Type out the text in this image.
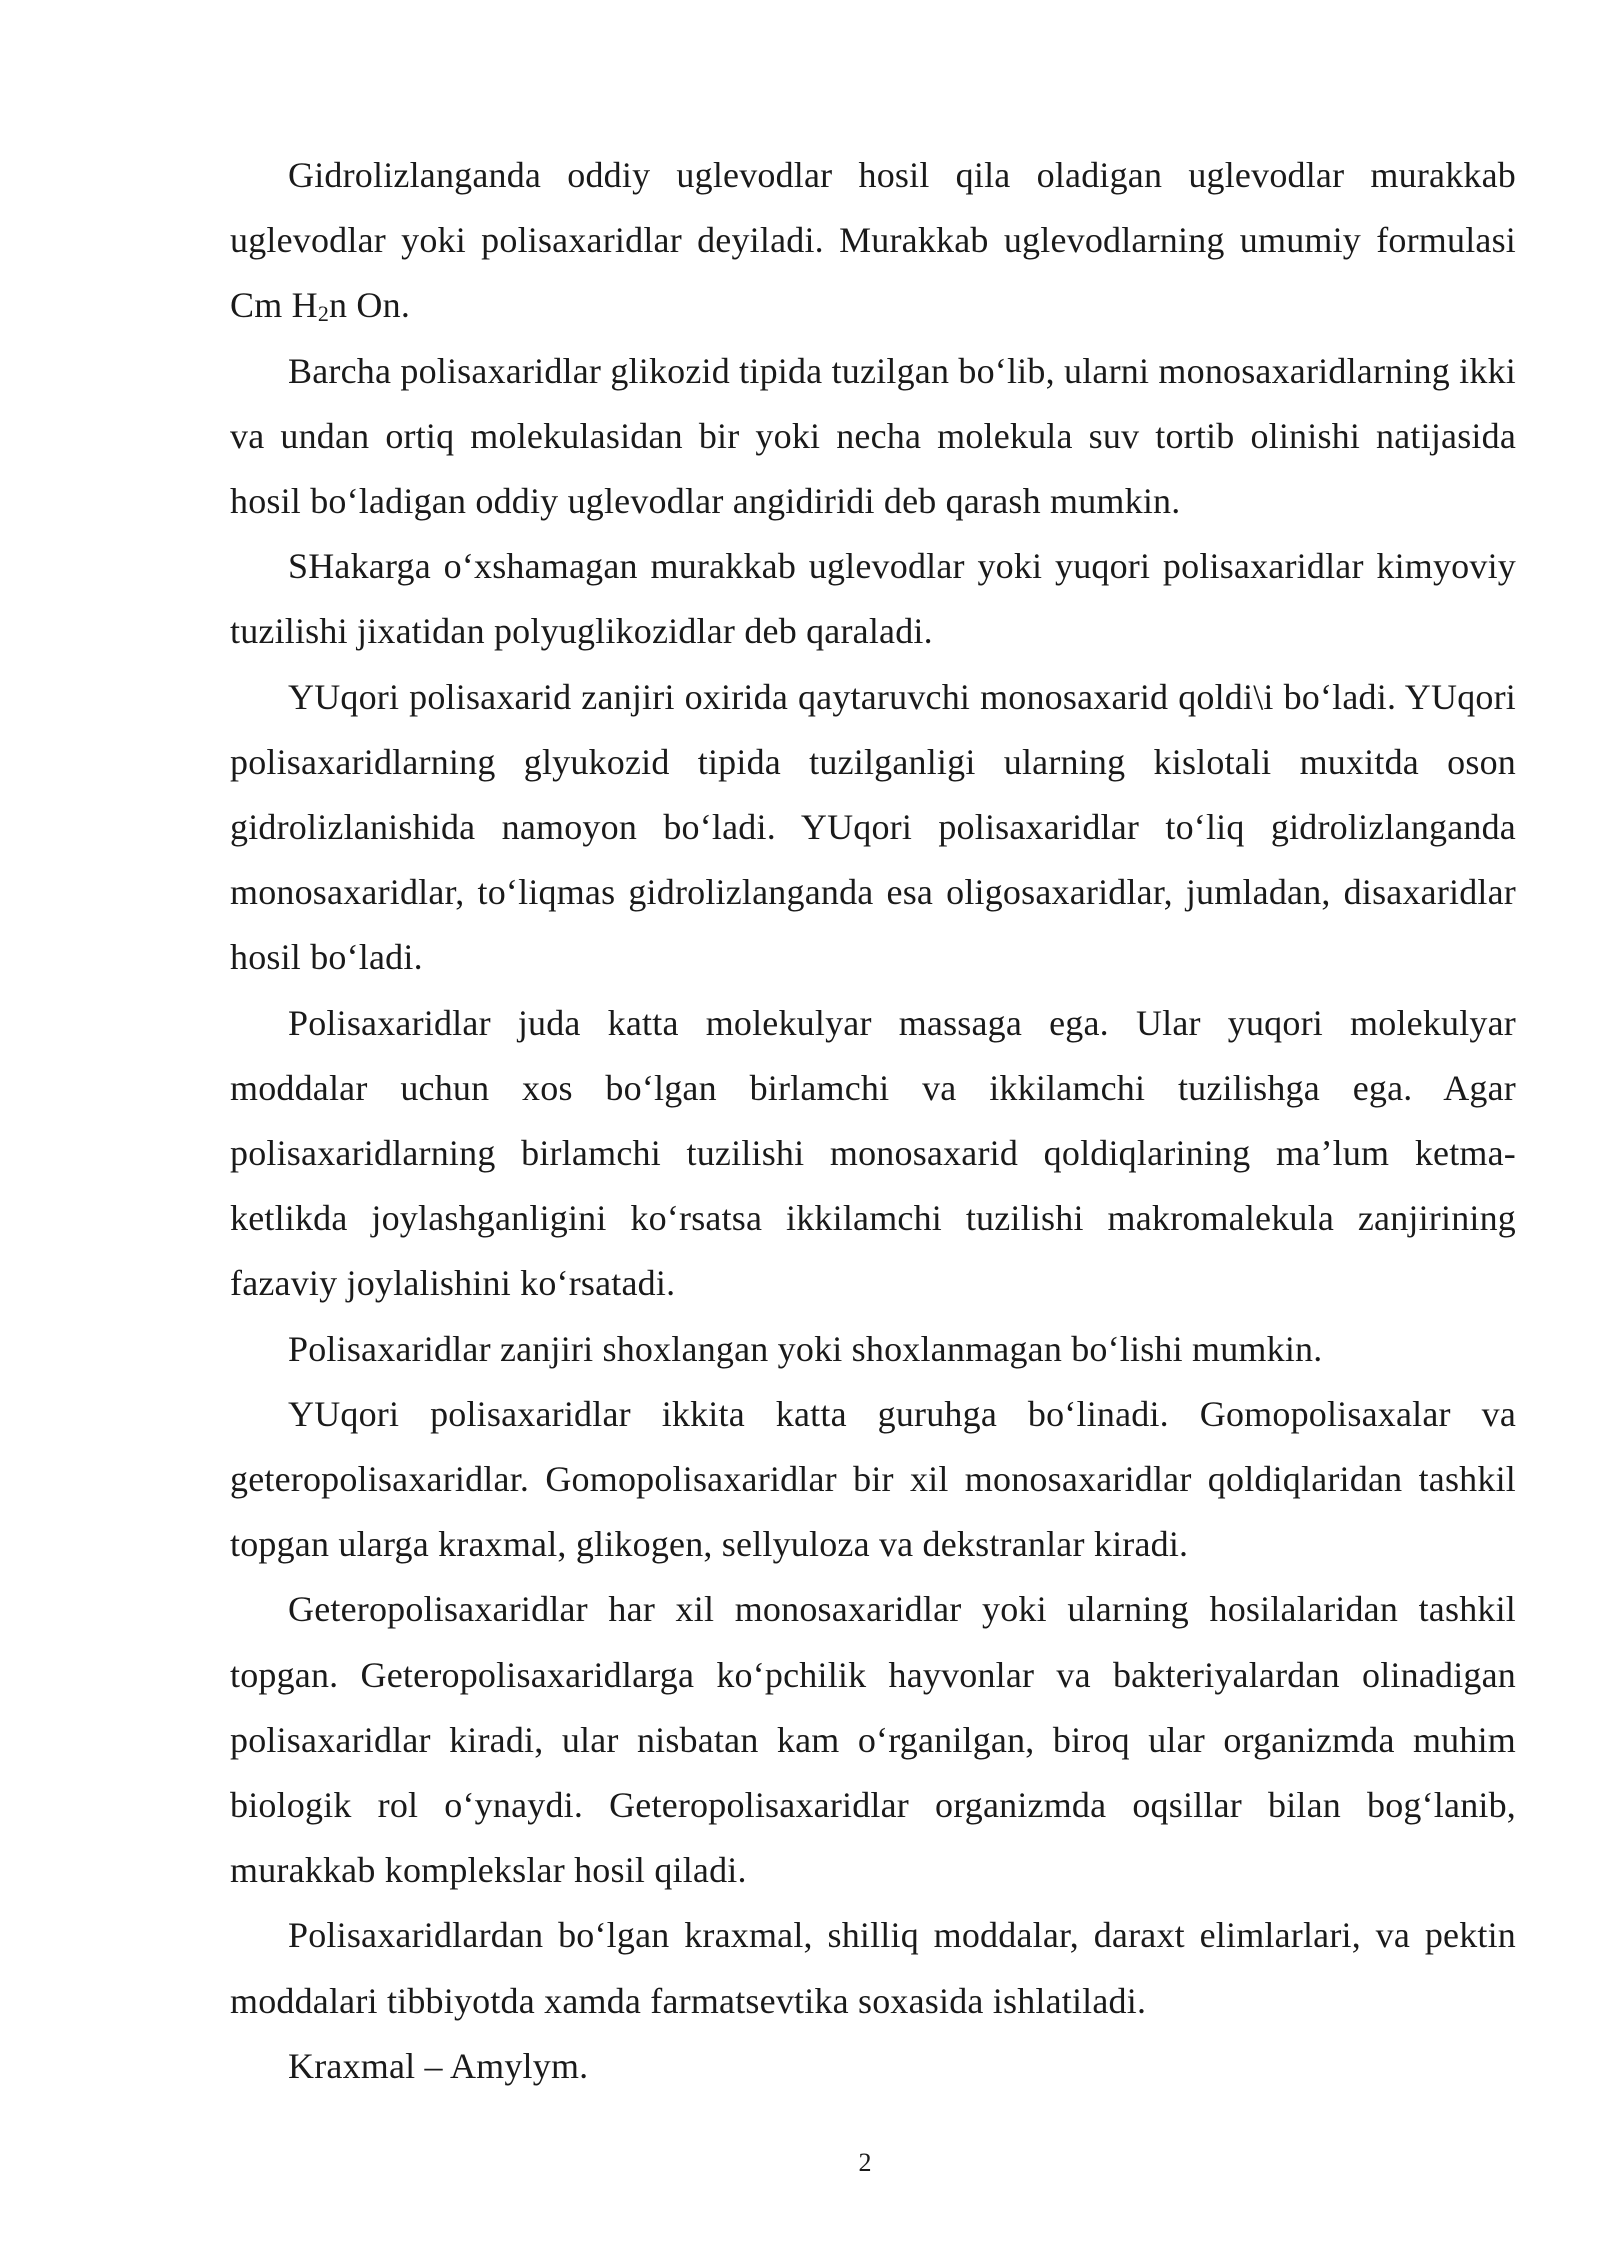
Gidrolizlanganda oddiy uglevodlar hosil qila oladigan uglevodlar murakkab uglevodlar yoki polisaxaridlar deyiladi. Murakkab uglevodlarning umumiy formulasi Cm $H_2n$ On.

Barcha polisaxaridlar glikozid tipida tuzilgan boʻlib, ularni monosaxaridlarning ikki va undan ortiq molekulasidan bir yoki necha molekula suv tortib olinishi natijasida hosil boʻladigan oddiy uglevodlar angidiridi deb qarash mumkin.

SHakarga oʻxshamagan murakkab uglevodlar yoki yuqori polisaxaridlar kimyoviy tuzilishi jixatidan polyuglikozidlar deb qaraladi.

YUqori polisaxarid zanjiri oxirida qaytaruvchi monosaxarid qoldi\i boʻladi. YUqori polisaxaridlarning glyukozid tipida tuzilganligi ularning kislotali muxitda oson gidrolizlanishida namoyon boʻladi. YUqori polisaxaridlar toʻliq gidrolizlanganda monosaxaridlar, toʻliqmas gidrolizlanganda esa oligosaxaridlar, jumladan, disaxaridlar hosil boʻladi.

Polisaxaridlar juda katta molekulyar massaga ega. Ular yuqori molekulyar moddalar uchun xos boʻlgan birlamchi va ikkilamchi tuzilishga ega. Agar polisaxaridlarning birlamchi tuzilishi monosaxarid qoldiqlarining maʼlum ketma-ketlikda joylashganligini koʻrsatsa ikkilamchi tuzilishi makromalekula zanjirining fazaviy joylalishini koʻrsatadi.

Polisaxaridlar zanjiri shoxlangan yoki shoxlanmagan boʻlishi mumkin.

YUqori polisaxaridlar ikkita katta guruhga boʻlinadi. Gomopolisaxalar va geteropolisaxaridlar. Gomopolisaxaridlar bir xil monosaxaridlar qoldiqlaridan tashkil topgan ularga kraxmal, glikogen, sellyuloza va dekstranlar kiradi.

Geteropolisaxaridlar har xil monosaxaridlar yoki ularning hosilalaridan tashkil topgan. Geteropolisaxaridlarga koʻpchilik hayvonlar va bakteriyalardan olinadigan polisaxaridlar kiradi, ular nisbatan kam oʻrganilgan, biroq ular organizmda muhim biologik rol oʻynaydi. Geteropolisaxaridlar organizmda oqsillar bilan bogʻlanib, murakkab komplekslar hosil qiladi.

Polisaxaridlardan boʻlgan kraxmal, shilliq moddalar, daraxt elimlarlari, va pektin moddalari tibbiyotda xamda farmatsevtika soxasida ishlatiladi.

Kraxmal – Amylym.

2
